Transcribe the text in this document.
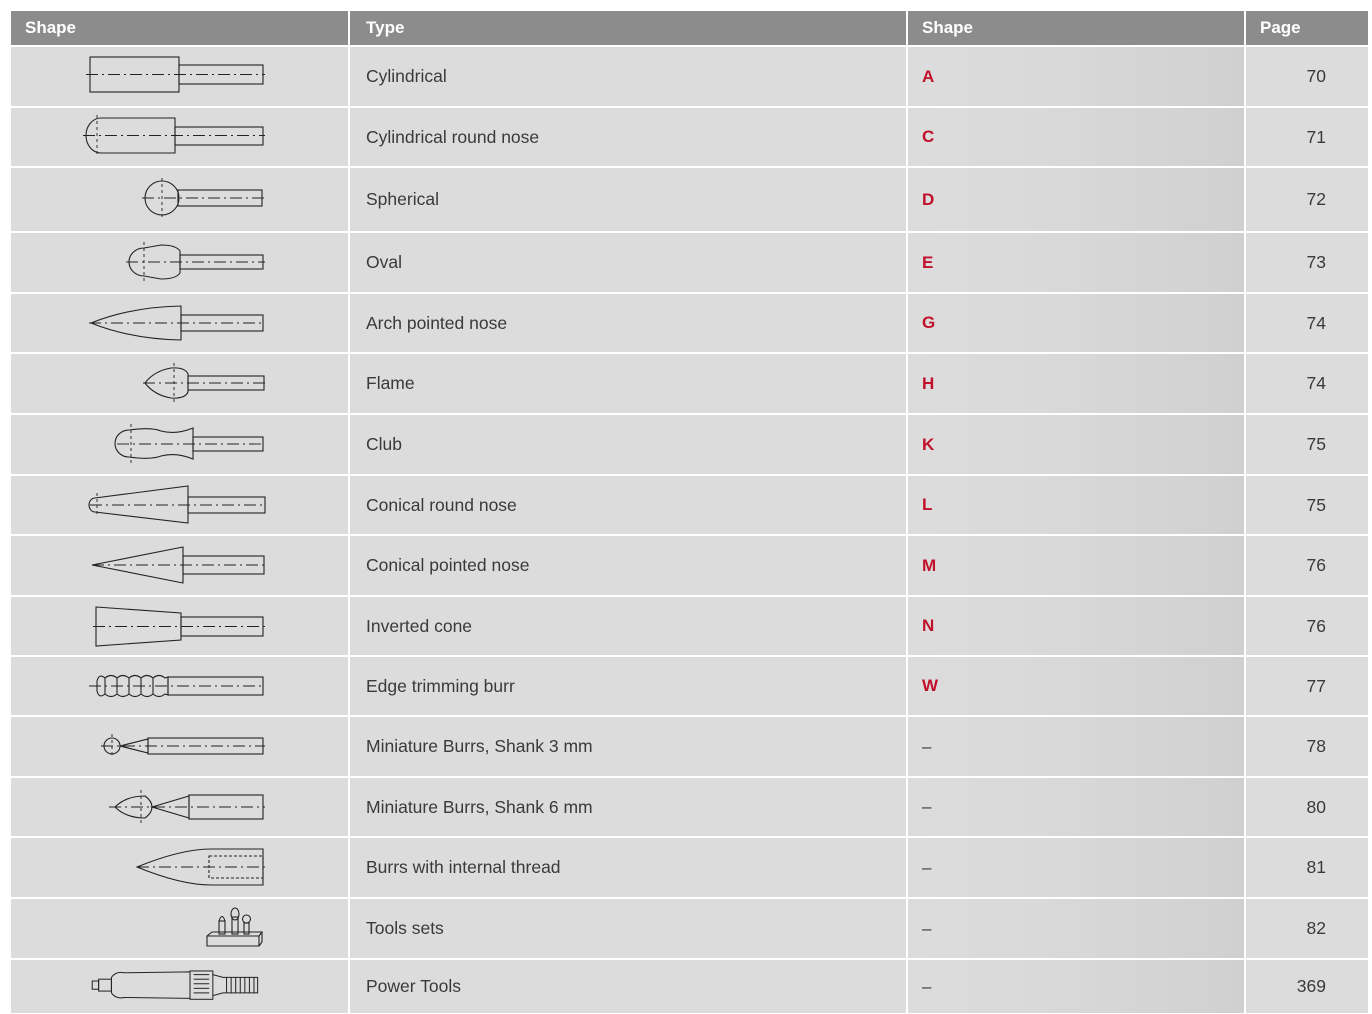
Shape	Type	Shape	Page
Cylindrical	A	70
Cylindrical round nose	C	71
Spherical	D	72
Oval	E	73
Arch pointed nose	G	74
Flame	H	74
Club	K	75
Conical round nose	L	75
Conical pointed nose	M	76
Inverted cone	N	76
Edge trimming burr	W	77
Miniature Burrs, Shank 3 mm	–	78
Miniature Burrs, Shank 6 mm	–	80
Burrs with internal thread	–	81
Tools sets	–	82
Power Tools	–	369
